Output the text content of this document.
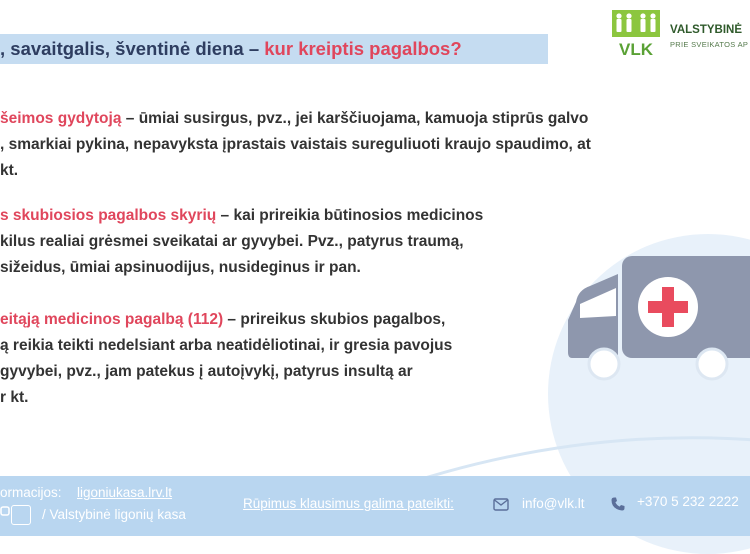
, savaitgalis, šventinė diena – kur kreiptis pagalbos?	VLK
VALSTYBINĖ
PRIE SVEIKATOS AP
šeimos gydytoją – ūmiai susirgus, pvz., jei karščiuojama, kamuoja stiprūs galvo
, smarkiai pykina, nepavyksta įprastais vaistais sureguliuoti kraujo spaudimo, at
kt.
s skubiosios pagalbos skyrių – kai prireikia būtinosios medicinos
kilus realiai grėsmei sveikatai ar gyvybei. Pvz., patyrus traumą,
sižeidus, ūmiai apsinuodijus, nusideginus ir pan.
eitąją medicinos pagalbą (112) – prireikus skubios pagalbos,
ą reikia teikti nedelsiant arba neatidėliotinai, ir gresia pavojus
gyvybei, pvz., jam patekus į autoįvykį, patyrus insultą ar
r kt.
ormacijos: ligoniukasa.lrv.lt
/ Valstybinė ligonių kasa
Rūpimus klausimus galima pateikti:	info@vlk.lt	+370 5 232 2222
